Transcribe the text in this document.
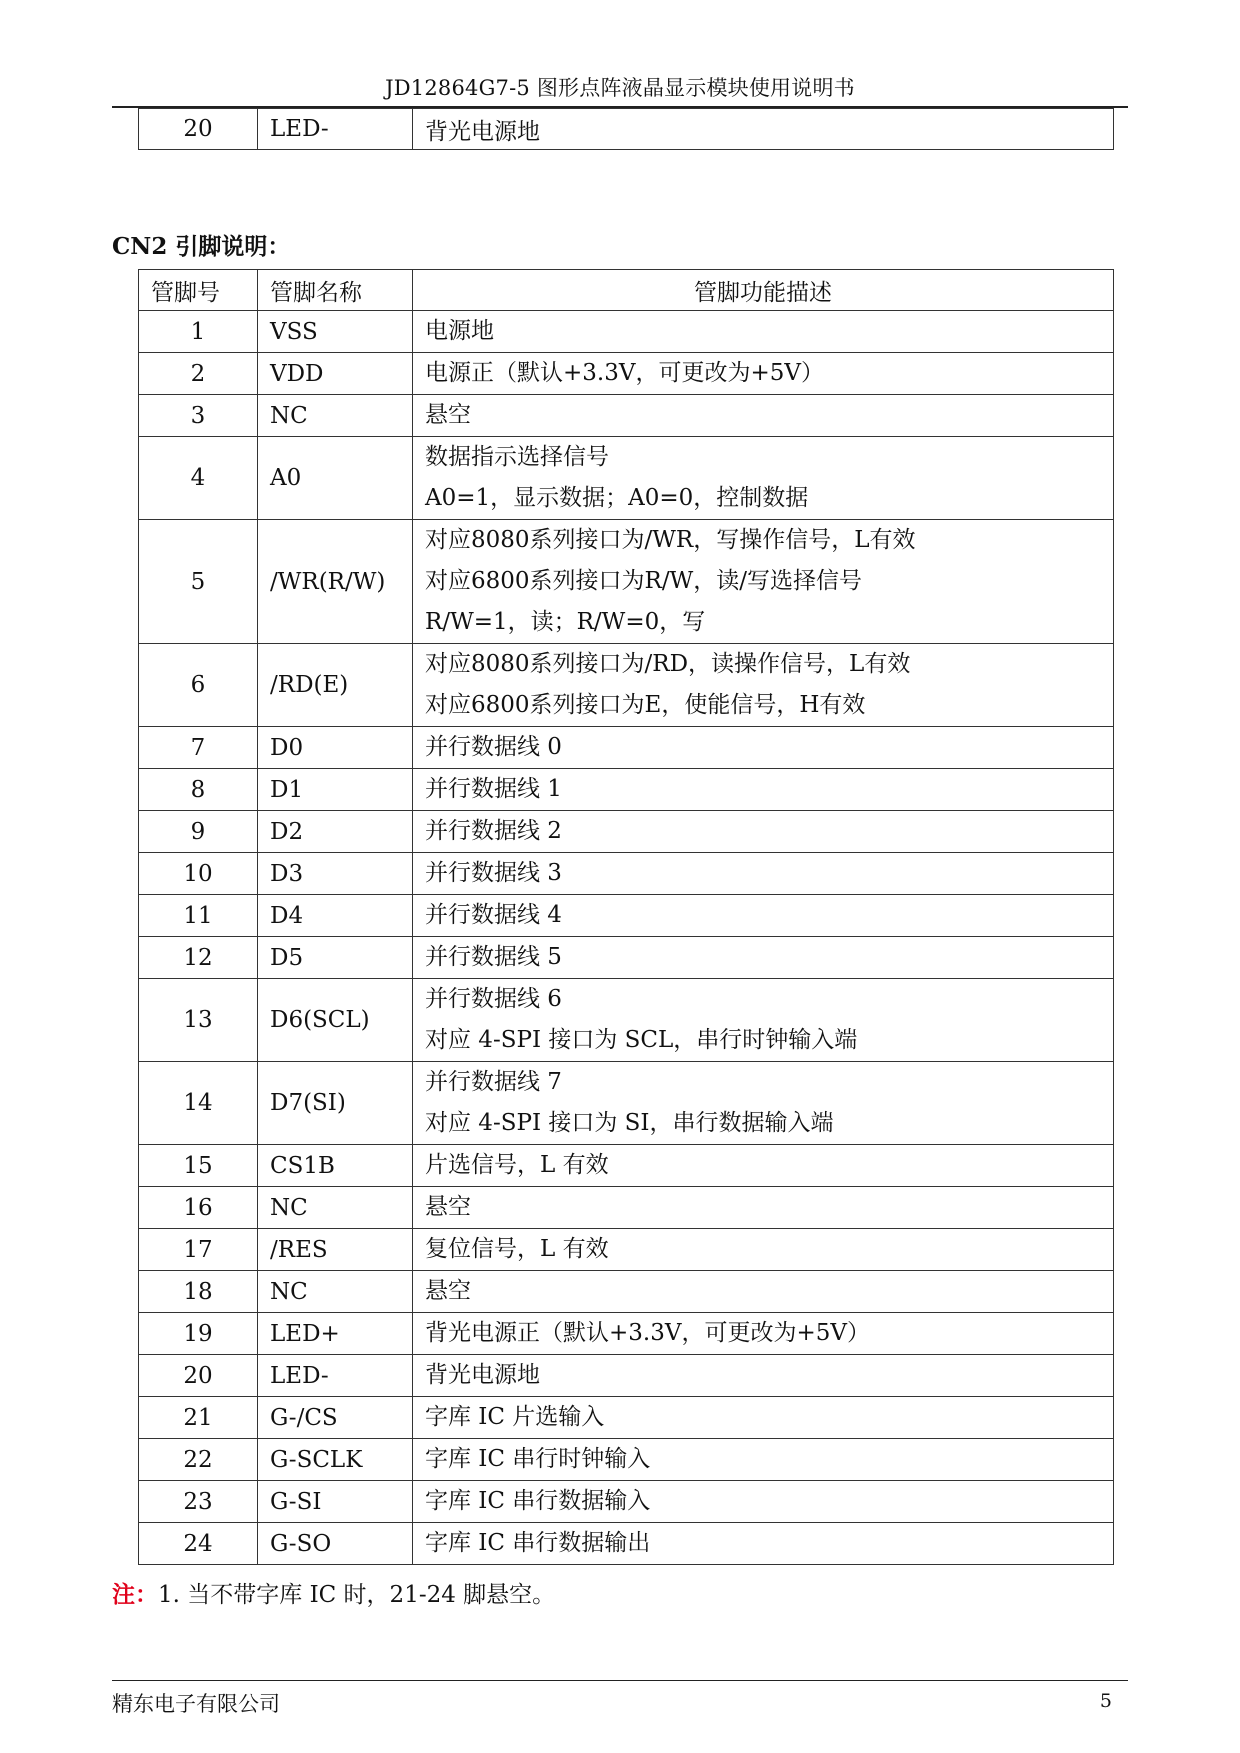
JD12864G7-5 图形点阵液晶显示模块使用说明书
20	LED-	背光电源地
CN2 引脚说明：
管脚号	管脚名称	管脚功能描述
1	VSS	电源地

2	VDD	电源正（默认+3.3V，可更改为+5V）

3	NC	悬空

4	A0	数据指示选择信号
A0=1，显示数据；A0=0，控制数据

5	/WR(R/W)	对应8080系列接口为/WR，写操作信号，L有效
对应6800系列接口为R/W，读/写选择信号
R/W=1，读；R/W=0，写

6	/RD(E)	对应8080系列接口为/RD，读操作信号，L有效
对应6800系列接口为E，使能信号，H有效

7	D0	并行数据线 0

8	D1	并行数据线 1

9	D2	并行数据线 2

10	D3	并行数据线 3

11	D4	并行数据线 4

12	D5	并行数据线 5

13	D6(SCL)	并行数据线 6
对应 4-SPI 接口为 SCL，串行时钟输入端

14	D7(SI)	并行数据线 7
对应 4-SPI 接口为 SI，串行数据输入端

15	CS1B	片选信号，L 有效

16	NC	悬空

17	/RES	复位信号，L 有效

18	NC	悬空

19	LED+	背光电源正（默认+3.3V，可更改为+5V）

20	LED-	背光电源地

21	G-/CS	字库 IC 片选输入

22	G-SCLK	字库 IC 串行时钟输入

23	G-SI	字库 IC 串行数据输入

24	G-SO	字库 IC 串行数据输出
注：1. 当不带字库 IC 时，21-24 脚悬空。
精东电子有限公司	5
